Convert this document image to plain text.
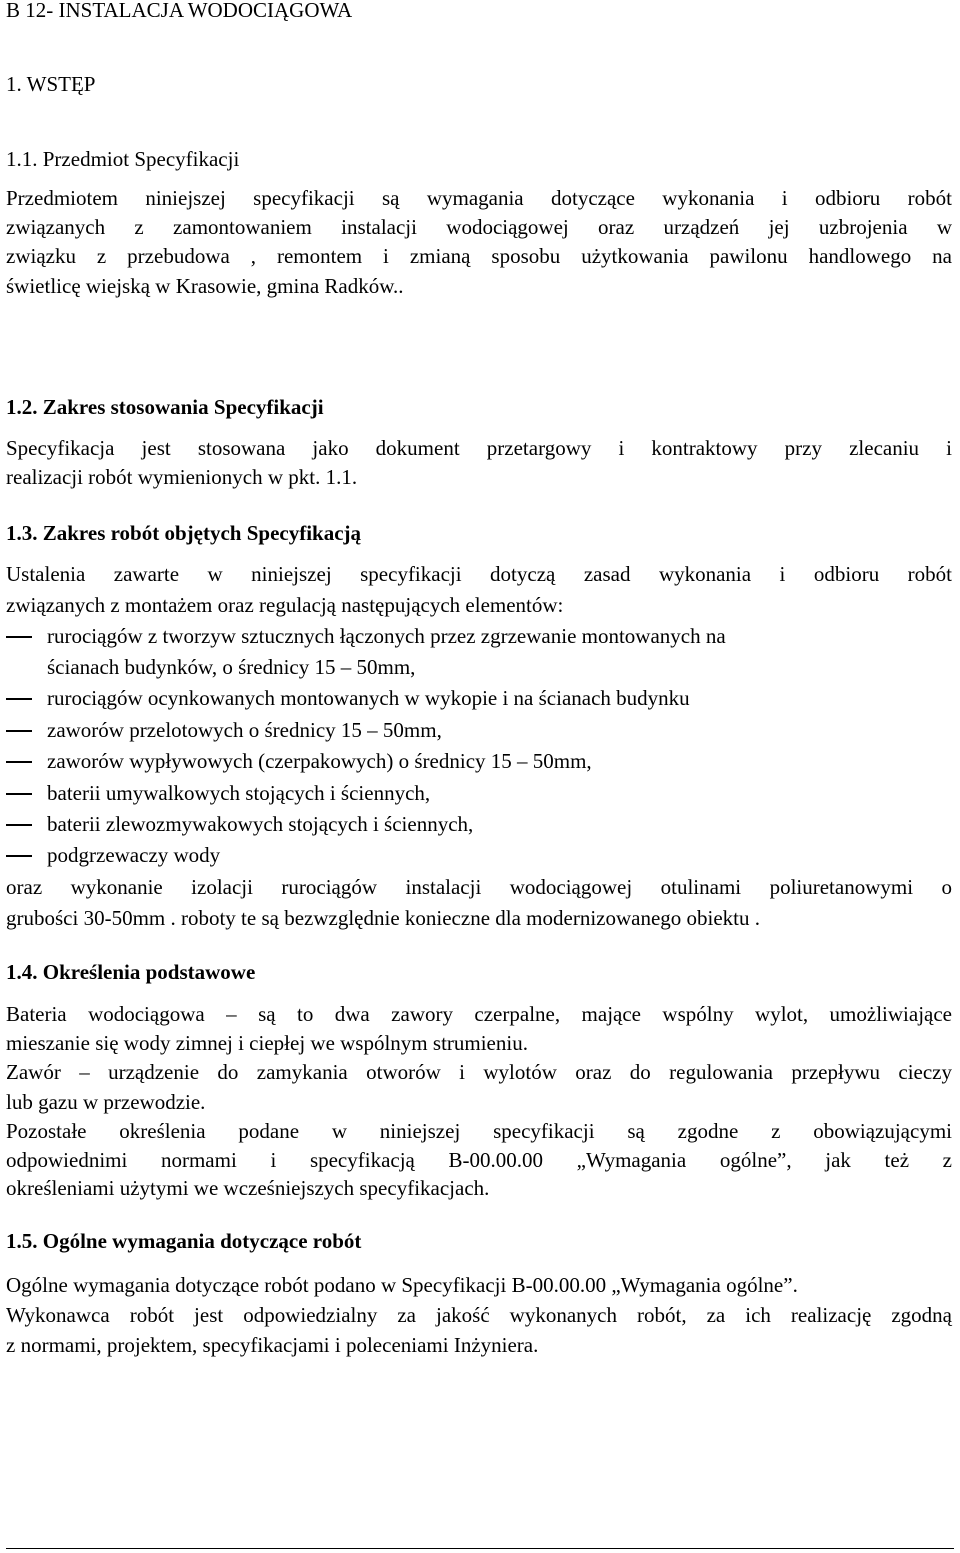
B 12- INSTALACJA WODOCIĄGOWA
1. WSTĘP
1.1. Przedmiot Specyfikacji
Przedmiotem niniejszej specyfikacji są wymagania dotyczące wykonania i odbioru robót
związanych z zamontowaniem instalacji wodociągowej oraz urządzeń jej uzbrojenia w
związku z przebudowa , remontem i zmianą sposobu użytkowania pawilonu handlowego na
świetlicę wiejską w Krasowie, gmina Radków..
1.2. Zakres stosowania Specyfikacji
Specyfikacja jest stosowana jako dokument przetargowy i kontraktowy przy zlecaniu i
realizacji robót wymienionych w pkt. 1.1.
1.3. Zakres robót objętych Specyfikacją
Ustalenia zawarte w niniejszej specyfikacji dotyczą zasad wykonania i odbioru robót
związanych z montażem oraz regulacją następujących elementów:
rurociągów z tworzyw sztucznych łączonych przez zgrzewanie montowanych na
ścianach budynków, o średnicy 15 – 50mm,
rurociągów ocynkowanych montowanych w wykopie i na ścianach budynku
zaworów przelotowych o średnicy 15 – 50mm,
zaworów wypływowych (czerpakowych) o średnicy 15 – 50mm,
baterii umywalkowych stojących i ściennych,
baterii zlewozmywakowych stojących i ściennych,
podgrzewaczy wody
oraz wykonanie izolacji rurociągów instalacji wodociągowej otulinami poliuretanowymi o
grubości 30-50mm . roboty te są bezwzględnie konieczne dla modernizowanego obiektu .
1.4. Określenia podstawowe
Bateria wodociągowa – są to dwa zawory czerpalne, mające wspólny wylot, umożliwiające
mieszanie się wody zimnej i ciepłej we wspólnym strumieniu.
Zawór – urządzenie do zamykania otworów i wylotów oraz do regulowania przepływu cieczy
lub gazu w przewodzie.
Pozostałe określenia podane w niniejszej specyfikacji są zgodne z obowiązującymi
odpowiednimi normami i specyfikacją B-00.00.00 „Wymagania ogólne”, jak też z
określeniami użytymi we wcześniejszych specyfikacjach.
1.5. Ogólne wymagania dotyczące robót
Ogólne wymagania dotyczące robót podano w Specyfikacji B-00.00.00 „Wymagania ogólne”.
Wykonawca robót jest odpowiedzialny za jakość wykonanych robót, za ich realizację zgodną
z normami, projektem, specyfikacjami i poleceniami Inżyniera.
